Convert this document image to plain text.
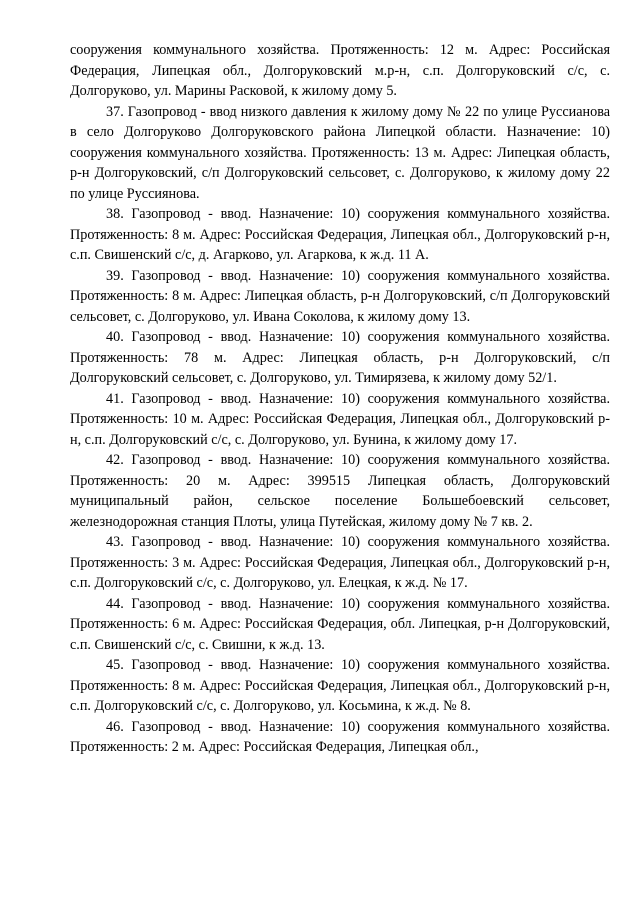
сооружения коммунального хозяйства. Протяженность: 12 м. Адрес: Российская Федерация, Липецкая обл., Долгоруковский м.р-н, с.п. Долгоруковский с/с, с. Долгоруково, ул. Марины Расковой, к жилому дому 5.

37. Газопровод - ввод низкого давления к жилому дому № 22 по улице Руссианова в село Долгоруково Долгоруковского района Липецкой области. Назначение: 10) сооружения коммунального хозяйства. Протяженность: 13 м. Адрес: Липецкая область, р-н Долгоруковский, с/п Долгоруковский сельсовет, с. Долгоруково, к жилому дому 22 по улице Руссиянова.

38. Газопровод - ввод. Назначение: 10) сооружения коммунального хозяйства. Протяженность: 8 м. Адрес: Российская Федерация, Липецкая обл., Долгоруковский р-н, с.п. Свишенский с/с, д. Агарково, ул. Агаркова, к ж.д. 11 А.

39. Газопровод - ввод. Назначение: 10) сооружения коммунального хозяйства. Протяженность: 8 м. Адрес: Липецкая область, р-н Долгоруковский, с/п Долгоруковский сельсовет, с. Долгоруково, ул. Ивана Соколова, к жилому дому 13.

40. Газопровод - ввод. Назначение: 10) сооружения коммунального хозяйства. Протяженность: 78 м. Адрес: Липецкая область, р-н Долгоруковский, с/п Долгоруковский сельсовет, с. Долгоруково, ул. Тимирязева, к жилому дому 52/1.

41. Газопровод - ввод. Назначение: 10) сооружения коммунального хозяйства. Протяженность: 10 м. Адрес: Российская Федерация, Липецкая обл., Долгоруковский р-н, с.п. Долгоруковский с/с, с. Долгоруково, ул. Бунина, к жилому дому 17.

42. Газопровод - ввод. Назначение: 10) сооружения коммунального хозяйства. Протяженность: 20 м. Адрес: 399515 Липецкая область, Долгоруковский муниципальный район, сельское поселение Большебоевский сельсовет, железнодорожная станция Плоты, улица Путейская, жилому дому № 7 кв. 2.

43. Газопровод - ввод. Назначение: 10) сооружения коммунального хозяйства. Протяженность: 3 м. Адрес: Российская Федерация, Липецкая обл., Долгоруковский р-н, с.п. Долгоруковский с/с, с. Долгоруково, ул. Елецкая, к ж.д. № 17.

44. Газопровод - ввод. Назначение: 10) сооружения коммунального хозяйства. Протяженность: 6 м. Адрес: Российская Федерация, обл. Липецкая, р-н Долгоруковский, с.п. Свишенский с/с, с. Свишни, к ж.д. 13.

45. Газопровод - ввод. Назначение: 10) сооружения коммунального хозяйства. Протяженность: 8 м. Адрес: Российская Федерация, Липецкая обл., Долгоруковский р-н, с.п. Долгоруковский с/с, с. Долгоруково, ул. Косьмина, к ж.д. № 8.

46. Газопровод - ввод. Назначение: 10) сооружения коммунального хозяйства. Протяженность: 2 м. Адрес: Российская Федерация, Липецкая обл.,
